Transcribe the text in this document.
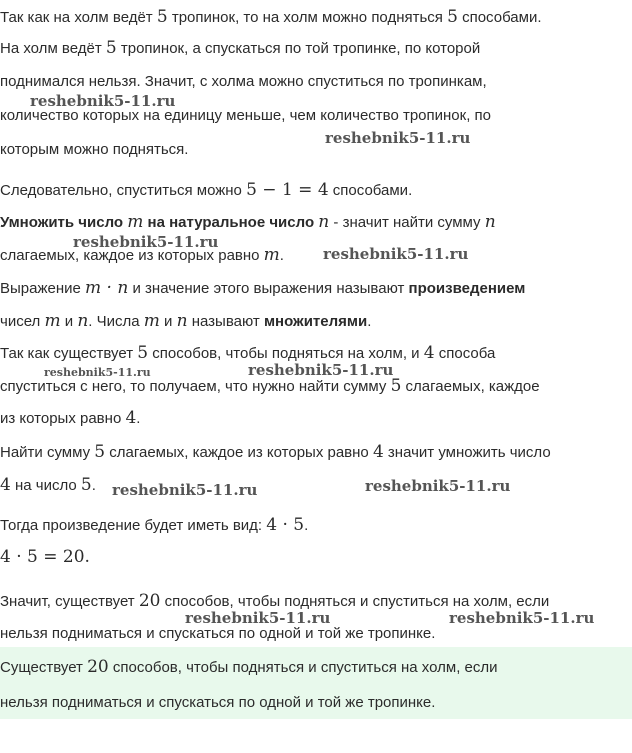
Так как на холм ведёт 5 тропинок, то на холм можно подняться 5 способами.
На холм ведёт 5 тропинок, а спускаться по той тропинке, по которой
поднимался нельзя. Значит, с холма можно спуститься по тропинкам,
количество которых на единицу меньше, чем количество тропинок, по
которым можно подняться.
Следовательно, спуститься можно 5 − 1 = 4 способами.
Умножить число m на натуральное число n - значит найти сумму n
слагаемых, каждое из которых равно m.
Выражение m · n и значение этого выражения называют произведением
чисел m и n. Числа m и n называют множителями.
Так как существует 5 способов, чтобы подняться на холм, и 4 способа
спуститься с него, то получаем, что нужно найти сумму 5 слагаемых, каждое
из которых равно 4.
Найти сумму 5 слагаемых, каждое из которых равно 4 значит умножить число
4 на число 5.
Тогда произведение будет иметь вид: 4 · 5.
4 · 5 = 20.
Значит, существует 20 способов, чтобы подняться и спуститься на холм, если
нельзя подниматься и спускаться по одной и той же тропинке.
Существует 20 способов, чтобы подняться и спуститься на холм, если
нельзя подниматься и спускаться по одной и той же тропинке.
reshebnik5-11.ru
reshebnik5-11.ru
reshebnik5-11.ru
reshebnik5-11.ru
reshebnik5-11.ru	reshebnik5-11.ru
reshebnik5-11.ru	reshebnik5-11.ru
reshebnik5-11.ru	reshebnik5-11.ru
